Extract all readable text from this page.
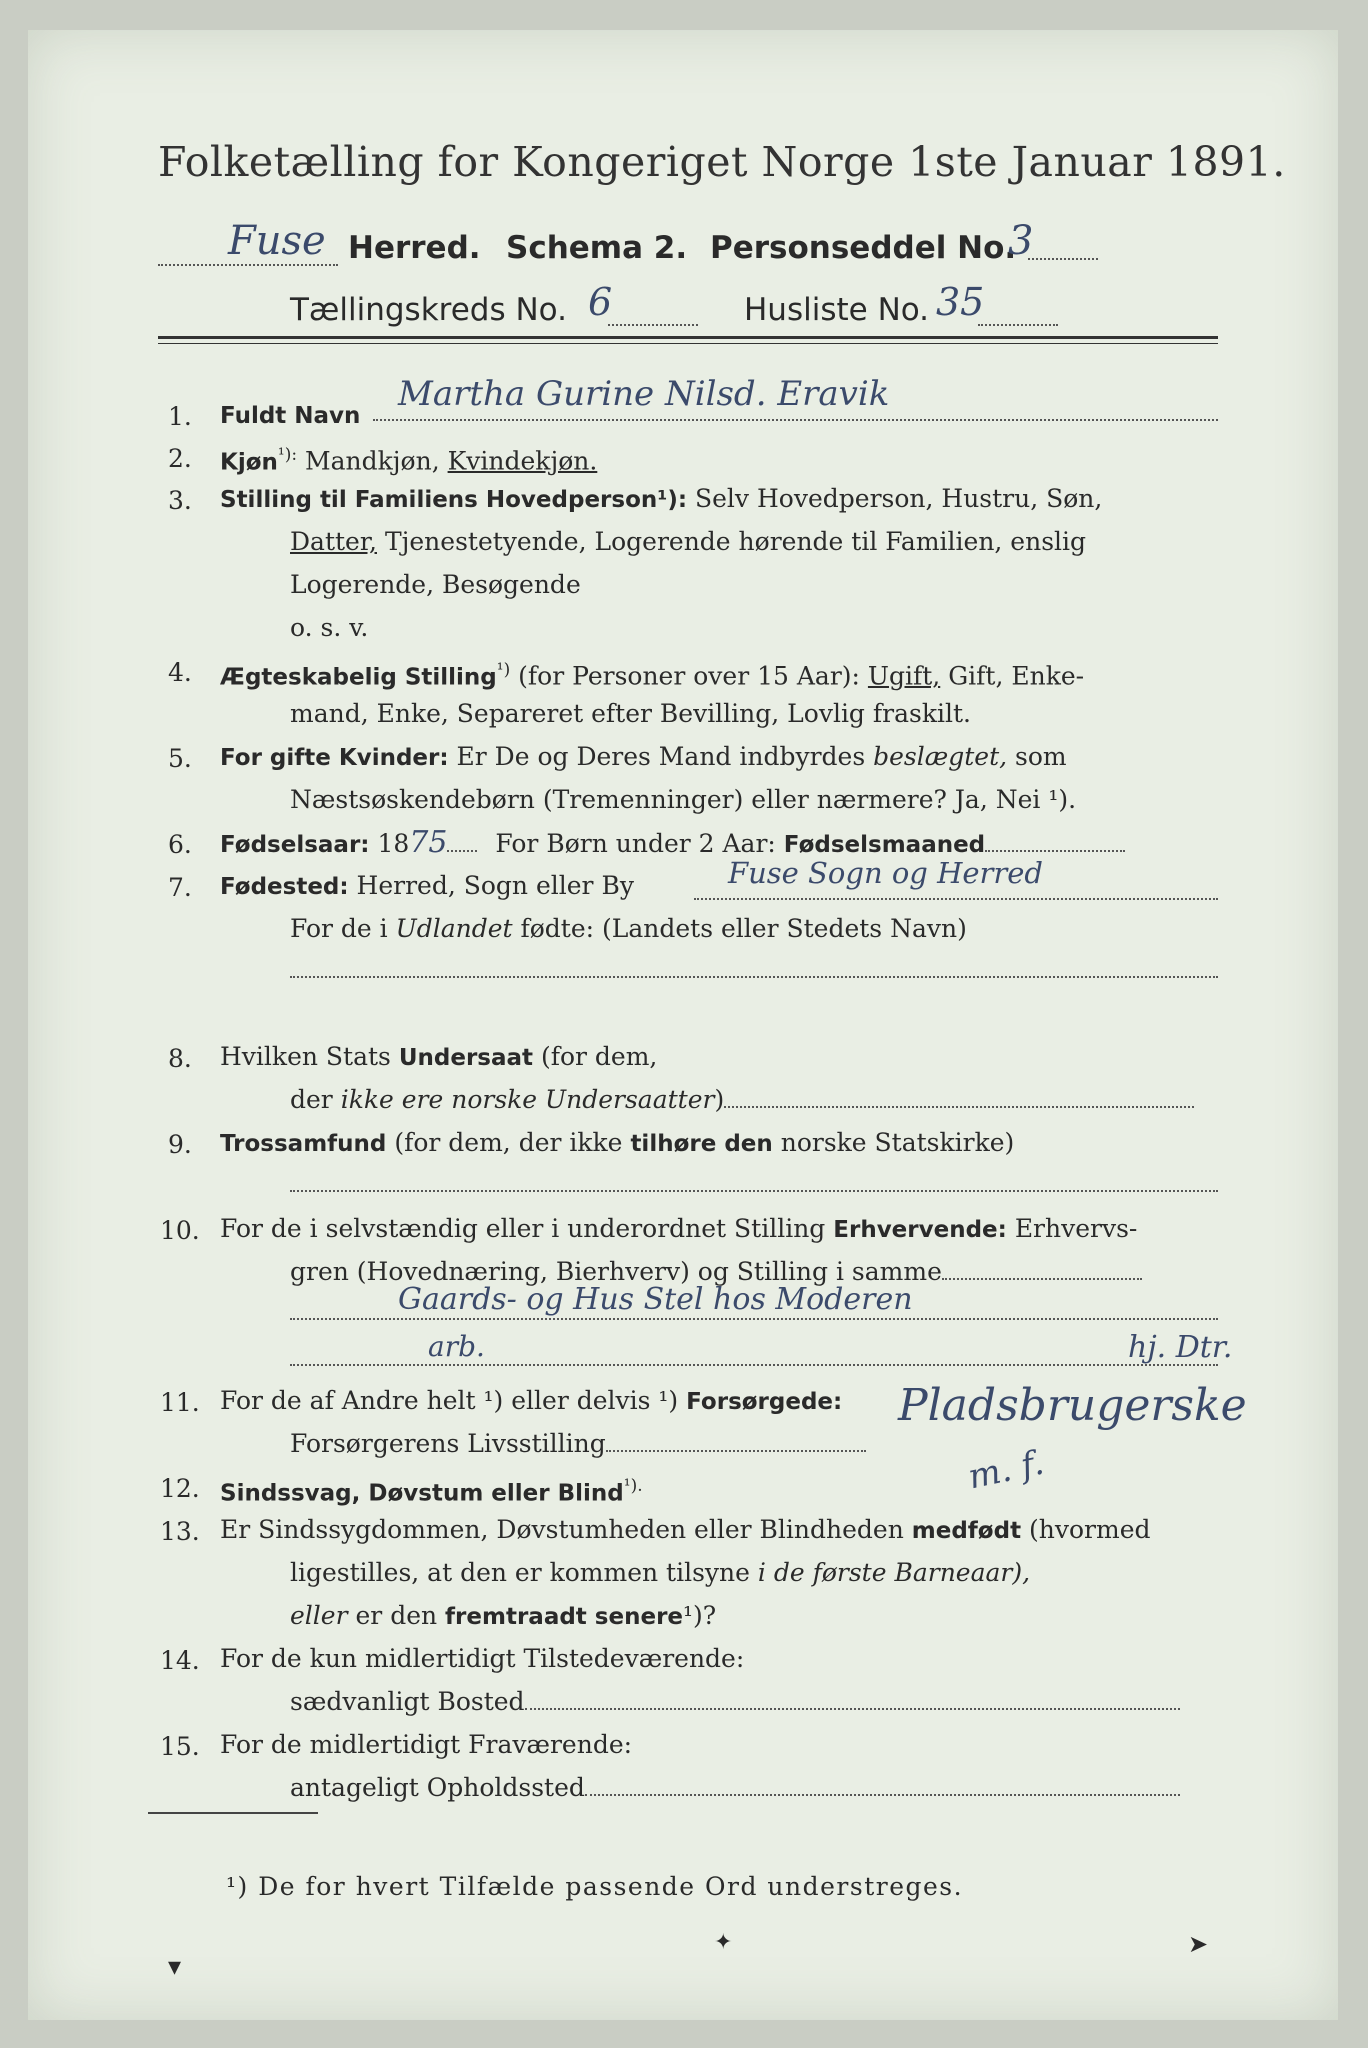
Folketælling for Kongeriget Norge 1ste Januar 1891.
Fuse Herred. Schema 2. Personseddel No.
3
Tællingskreds No. 6	Husliste No. 35
1. Fuldt Navn
Martha Gurine Nilsd. Eravik
2. Kjøn$^{^1):}$ Mandkjøn, Kvindekjøn.
3. Stilling til Familiens Hovedperson¹): Selv Hovedperson, Hustru, Søn,
Datter, Tjenestetyende, Logerende hørende til Familien, enslig
Logerende, Besøgende
o. s. v.
4. Ægteskabelig Stilling$^{^1)}$ (for Personer over 15 Aar): Ugift, Gift, Enke-
mand, Enke, Separeret efter Bevilling, Lovlig fraskilt.
5. For gifte Kvinder: Er De og Deres Mand indbyrdes beslægtet, som
Næstsøskendebørn (Tremenninger) eller nærmere? Ja, Nei ¹).
6. Fødselsaar: 1875 For Børn under 2 Aar: Fødselsmaaned
7. Fødested: Herred, Sogn eller By	Fuse Sogn og Herred
For de i Udlandet fødte: (Landets eller Stedets Navn)
8. Hvilken Stats Undersaat (for dem,
der ikke ere norske Undersaatter)
9. Trossamfund (for dem, der ikke tilhøre den norske Statskirke)
10. For de i selvstændig eller i underordnet Stilling Erhvervende: Erhvervs-
gren (Hovednæring, Bierhverv) og Stilling i samme
Gaards- og Hus Stel hos Moderen
arb.	hj. Dtr.
11. For de af Andre helt ¹) eller delvis ¹) Forsørgede:
Forsørgerens Livsstilling
Pladsbrugerske
12. Sindssvag, Døvstum eller Blind$^{^1).}$	m. f.
13. Er Sindssygdommen, Døvstumheden eller Blindheden medfødt (hvormed
ligestilles, at den er kommen tilsyne i de første Barneaar),
eller er den fremtraadt senere¹)?
14. For de kun midlertidigt Tilstedeværende:
sædvanligt Bosted
15. For de midlertidigt Fraværende:
antageligt Opholdssted
¹) De for hvert Tilfælde passende Ord understreges.
▾
✦	➤
